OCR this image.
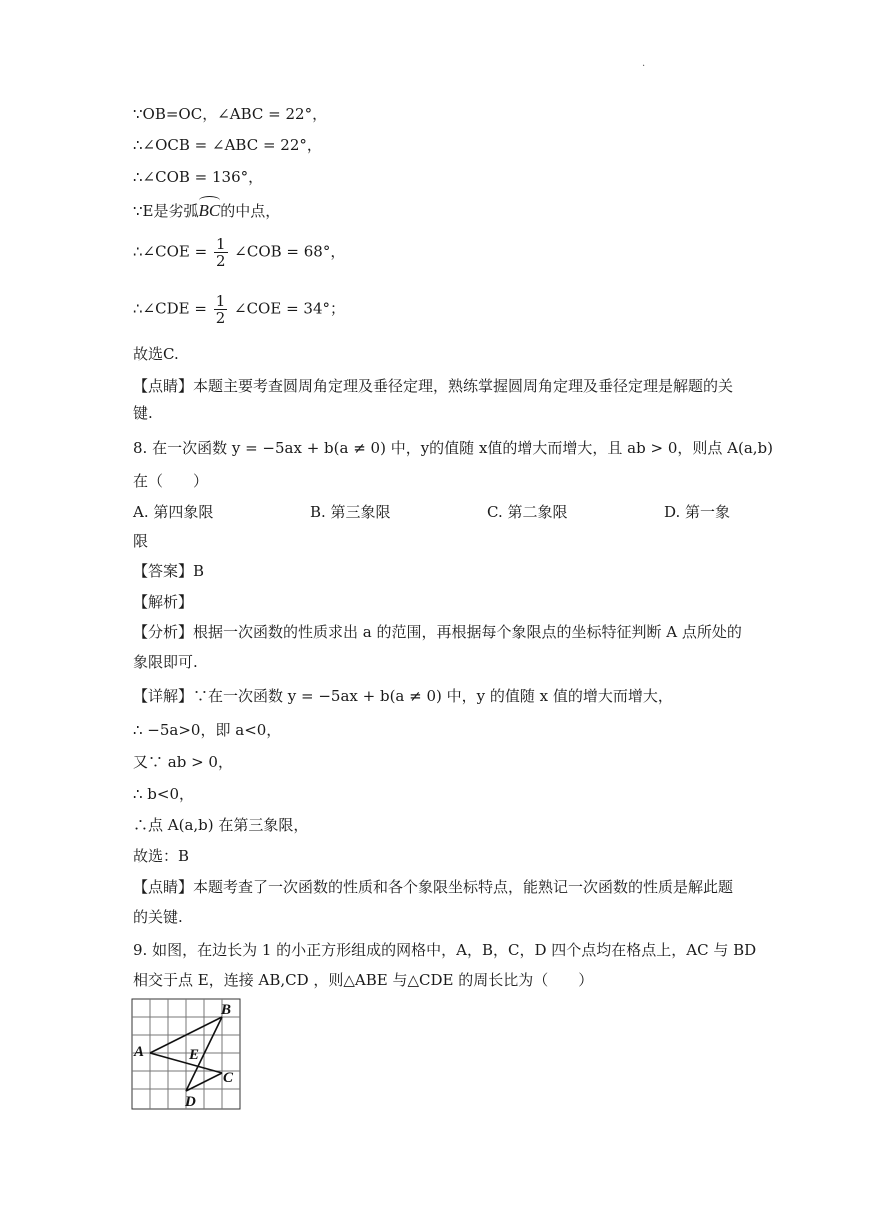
.
∵OB=OC，∠ABC = 22°，
∴∠OCB = ∠ABC = 22°，
∴∠COB = 136°，
∵E是劣弧BC的中点，
∴∠COE = $\frac{1}{2}$ ∠COB = 68°，
∴∠CDE = $\frac{1}{2}$ ∠COE = 34°；
故选C.
【点睛】本题主要考查圆周角定理及垂径定理，熟练掌握圆周角定理及垂径定理是解题的关
键.
8. 在一次函数 y = −5ax + b(a ≠ 0) 中，y的值随 x值的增大而增大，且 ab > 0，则点 A(a,b)
在（　　）
A. 第四象限	B. 第三象限	C. 第二象限	D. 第一象
限
【答案】B
【解析】
【分析】根据一次函数的性质求出 a 的范围，再根据每个象限点的坐标特征判断 A 点所处的
象限即可.
【详解】∵在一次函数 y = −5ax + b(a ≠ 0) 中，y 的值随 x 值的增大而增大，
∴ −5a>0，即 a<0，
又∵ ab > 0，
∴ b<0，
∴点 A(a,b) 在第三象限，
故选：B
【点睛】本题考查了一次函数的性质和各个象限坐标特点，能熟记一次函数的性质是解此题
的关键.
9. 如图，在边长为 1 的小正方形组成的网格中，A，B，C，D 四个点均在格点上，AC 与 BD
相交于点 E，连接 AB,CD ，则△ABE 与△CDE 的周长比为（　　）
A
B
C
D
E
